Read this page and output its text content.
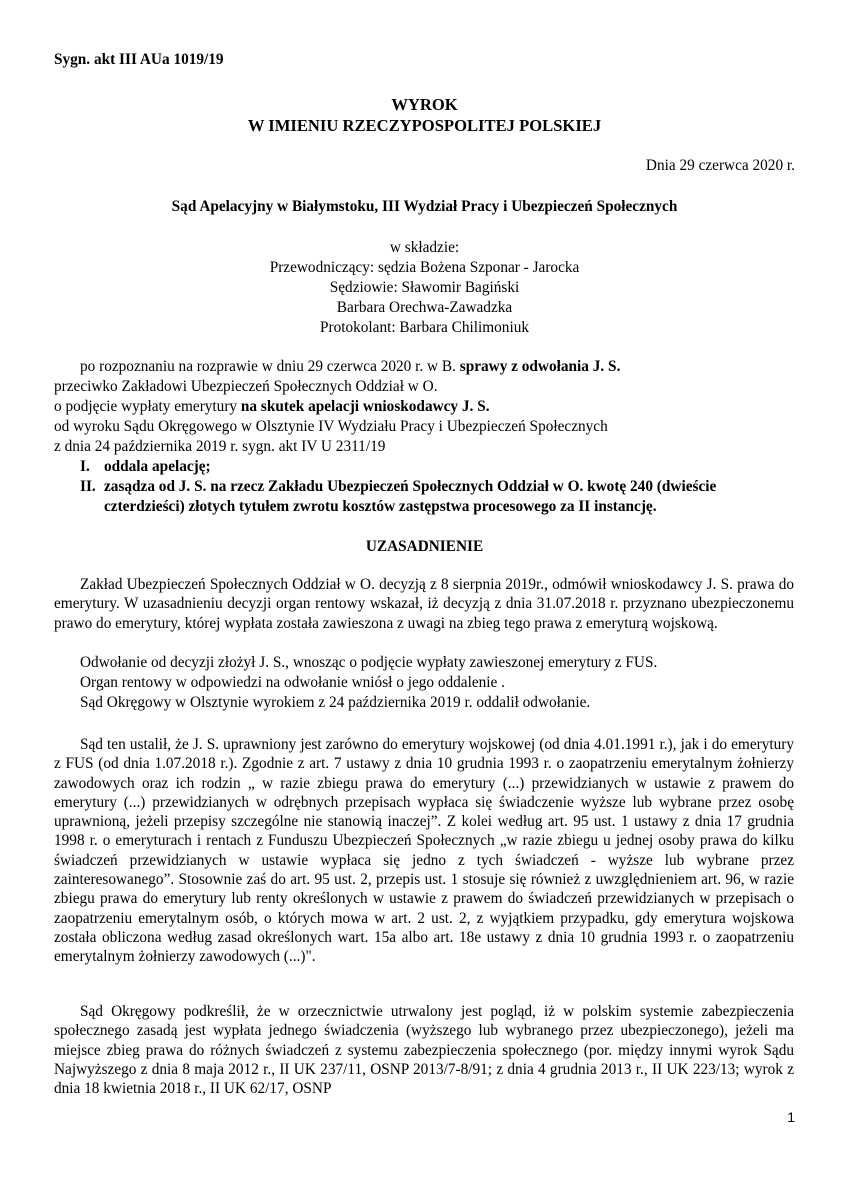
Sygn. akt III AUa 1019/19
WYROK
W IMIENIU RZECZYPOSPOLITEJ POLSKIEJ
Dnia 29 czerwca 2020 r.
Sąd Apelacyjny w Białymstoku, III Wydział Pracy i Ubezpieczeń Społecznych
w składzie:
Przewodniczący: sędzia Bożena Szponar - Jarocka
Sędziowie: Sławomir Bagiński
Barbara Orechwa-Zawadzka
Protokolant: Barbara Chilimoniuk
po rozpoznaniu na rozprawie w dniu 29 czerwca 2020 r. w B. sprawy z odwołania J. S.
przeciwko Zakładowi Ubezpieczeń Społecznych Oddział w O.
o podjęcie wypłaty emerytury na skutek apelacji wnioskodawcy J. S.
od wyroku Sądu Okręgowego w Olsztynie IV Wydziału Pracy i Ubezpieczeń Społecznych
z dnia 24 października 2019 r. sygn. akt IV U 2311/19
I. oddala apelację;
II. zasądza od J. S. na rzecz Zakładu Ubezpieczeń Społecznych Oddział w O. kwotę 240 (dwieście
czterdzieści) złotych tytułem zwrotu kosztów zastępstwa procesowego za II instancję.
UZASADNIENIE
Zakład Ubezpieczeń Społecznych Oddział w O. decyzją z 8 sierpnia 2019r., odmówił wnioskodawcy J. S. prawa do emerytury. W uzasadnieniu decyzji organ rentowy wskazał, iż decyzją z dnia 31.07.2018 r. przyznano ubezpieczonemu prawo do emerytury, której wypłata została zawieszona z uwagi na zbieg tego prawa z emeryturą wojskową.
Odwołanie od decyzji złożył J. S., wnosząc o podjęcie wypłaty zawieszonej emerytury z FUS.
Organ rentowy w odpowiedzi na odwołanie wniósł o jego oddalenie .
Sąd Okręgowy w Olsztynie wyrokiem z 24 października 2019 r. oddalił odwołanie.
Sąd ten ustalił, że J. S. uprawniony jest zarówno do emerytury wojskowej (od dnia 4.01.1991 r.), jak i do emerytury z FUS (od dnia 1.07.2018 r.). Zgodnie z art. 7 ustawy z dnia 10 grudnia 1993 r. o zaopatrzeniu emerytalnym żołnierzy zawodowych oraz ich rodzin „ w razie zbiegu prawa do emerytury (...) przewidzianych w ustawie z prawem do emerytury (...) przewidzianych w odrębnych przepisach wypłaca się świadczenie wyższe lub wybrane przez osobę uprawnioną, jeżeli przepisy szczególne nie stanowią inaczej”. Z kolei według art. 95 ust. 1 ustawy z dnia 17 grudnia 1998 r. o emeryturach i rentach z Funduszu Ubezpieczeń Społecznych „w razie zbiegu u jednej osoby prawa do kilku świadczeń przewidzianych w ustawie wypłaca się jedno z tych świadczeń - wyższe lub wybrane przez zainteresowanego”. Stosownie zaś do art. 95 ust. 2, przepis ust. 1 stosuje się również z uwzględnieniem art. 96, w razie zbiegu prawa do emerytury lub renty określonych w ustawie z prawem do świadczeń przewidzianych w przepisach o zaopatrzeniu emerytalnym osób, o których mowa w art. 2 ust. 2, z wyjątkiem przypadku, gdy emerytura wojskowa została obliczona według zasad określonych wart. 15a albo art. 18e ustawy z dnia 10 grudnia 1993 r. o zaopatrzeniu emerytalnym żołnierzy zawodowych (...)".
Sąd Okręgowy podkreślił, że w orzecznictwie utrwalony jest pogląd, iż w polskim systemie zabezpieczenia społecznego zasadą jest wypłata jednego świadczenia (wyższego lub wybranego przez ubezpieczonego), jeżeli ma miejsce zbieg prawa do różnych świadczeń z systemu zabezpieczenia społecznego (por. między innymi wyrok Sądu Najwyższego z dnia 8 maja 2012 r., II UK 237/11, OSNP 2013/7-8/91; z dnia 4 grudnia 2013 r., II UK 223/13; wyrok z dnia 18 kwietnia 2018 r., II UK 62/17, OSNP
1
